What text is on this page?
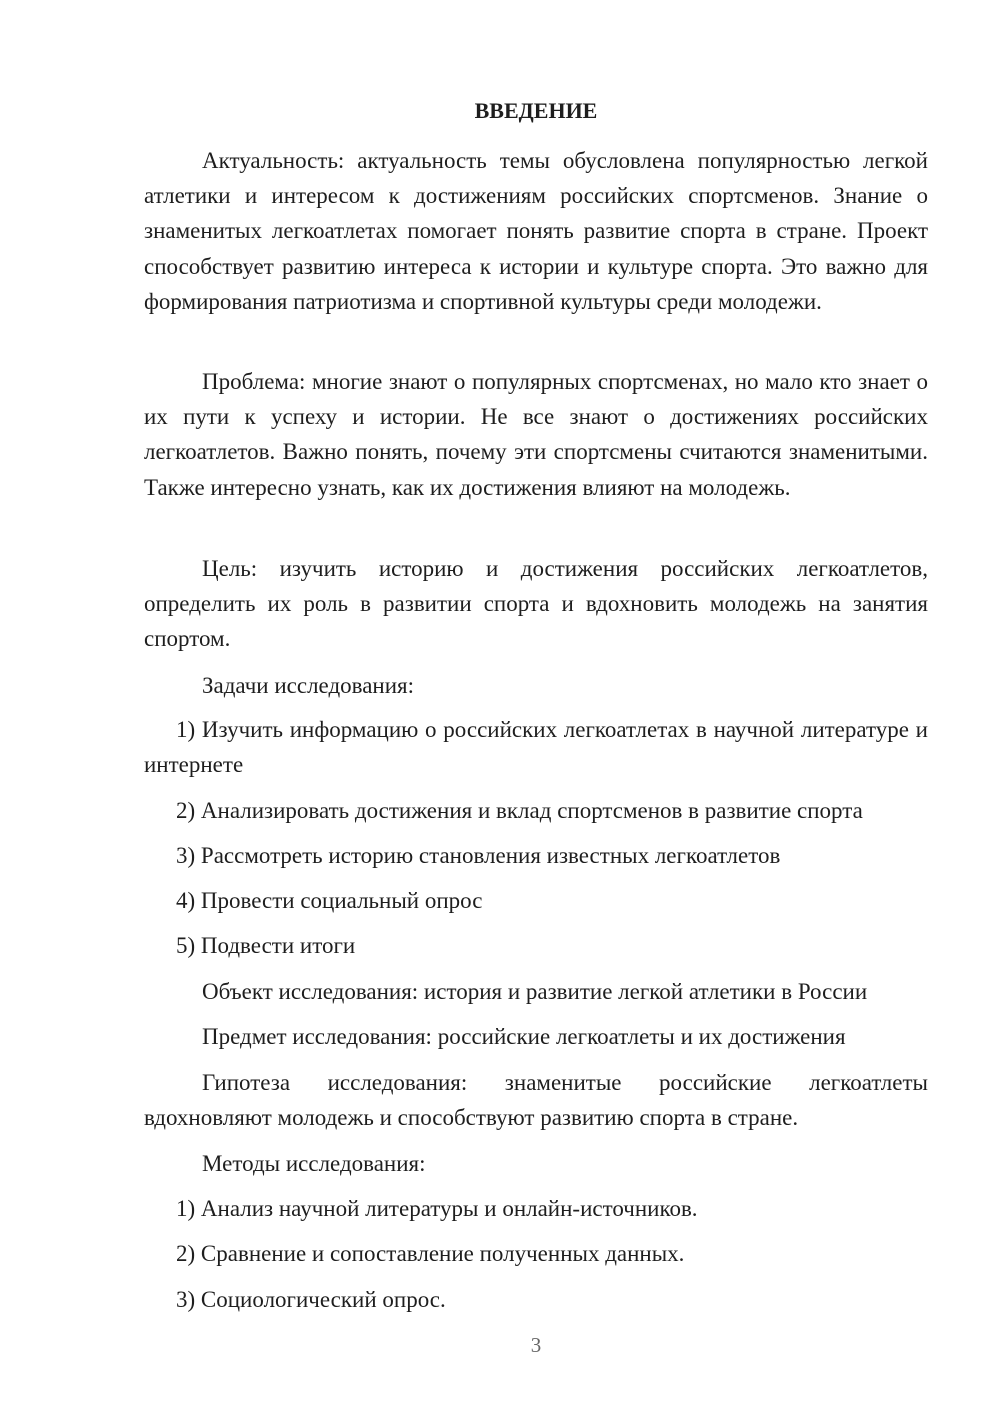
ВВЕДЕНИЕ

Актуальность: актуальность темы обусловлена популярностью легкой атлетики и интересом к достижениям российских спортсменов. Знание о знаменитых легкоатлетах помогает понять развитие спорта в стране. Проект способствует развитию интереса к истории и культуре спорта. Это важно для формирования патриотизма и спортивной культуры среди молодежи.

Проблема: многие знают о популярных спортсменах, но мало кто знает о их пути к успеху и истории. Не все знают о достижениях российских легкоатлетов. Важно понять, почему эти спортсмены считаются знаменитыми. Также интересно узнать, как их достижения влияют на молодежь.

Цель: изучить историю и достижения российских легкоатлетов, определить их роль в развитии спорта и вдохновить молодежь на занятия спортом.

Задачи исследования:

1) Изучить информацию о российских легкоатлетах в научной литературе и интернете

2) Анализировать достижения и вклад спортсменов в развитие спорта

3) Рассмотреть историю становления известных легкоатлетов

4) Провести социальный опрос

5) Подвести итоги

Объект исследования: история и развитие легкой атлетики в России

Предмет исследования: российские легкоатлеты и их достижения

Гипотеза исследования: знаменитые российские легкоатлеты вдохновляют молодежь и способствуют развитию спорта в стране.

Методы исследования:

1) Анализ научной литературы и онлайн-источников.

2) Сравнение и сопоставление полученных данных.

3) Социологический опрос.

3
